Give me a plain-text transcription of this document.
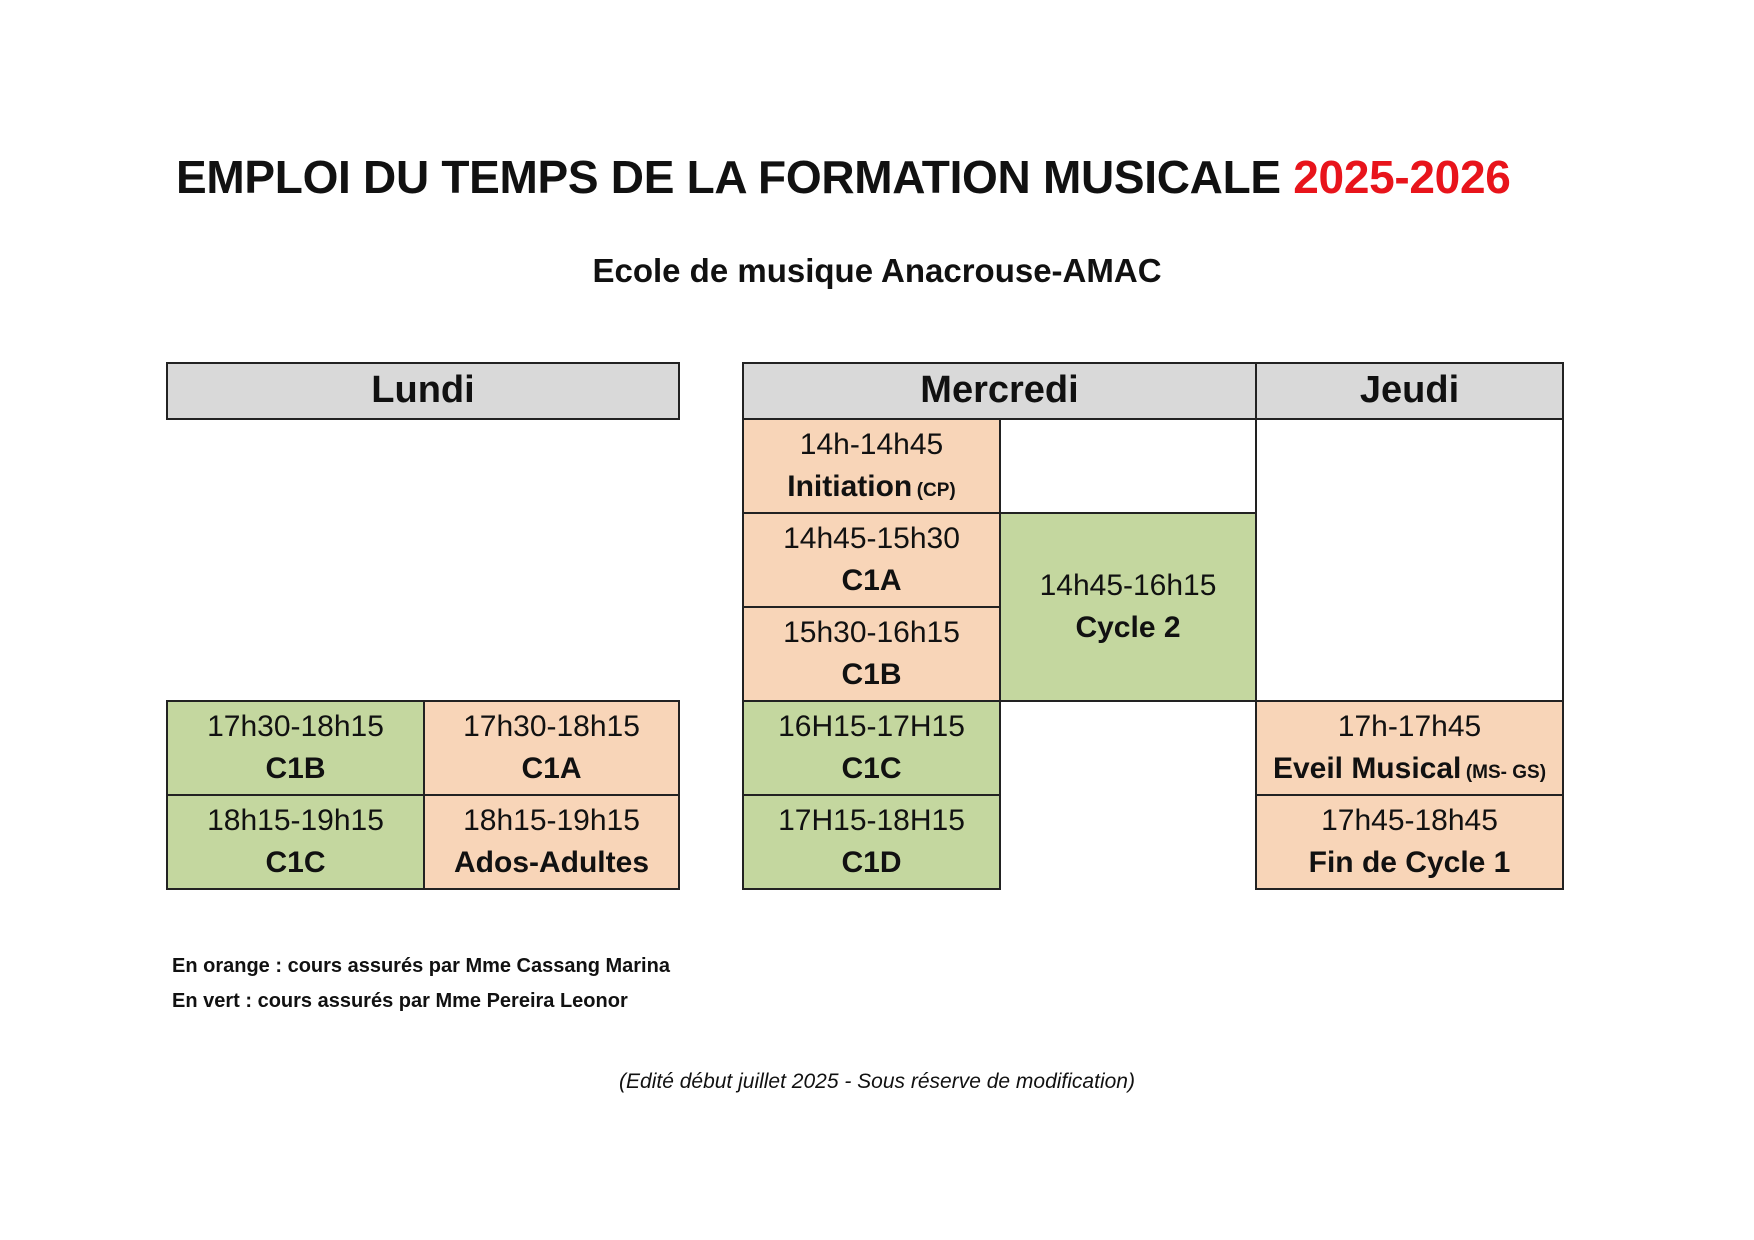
EMPLOI DU TEMPS DE LA FORMATION MUSICALE 2025-2026
Ecole de musique Anacrouse-AMAC
Lundi	Mercredi	Jeudi
14h-14h45
Initiation (CP)
14h45-15h30
C1A
15h30-16h15
C1B
14h45-16h15
Cycle 2
17h30-18h15
C1B
17h30-18h15
C1A
18h15-19h15
C1C
18h15-19h15
Ados-Adultes
16H15-17H15
C1C
17H15-18H15
C1D
17h-17h45
Eveil Musical (MS- GS)
17h45-18h45
Fin de Cycle 1
En orange : cours assurés par Mme Cassang Marina
En vert : cours assurés par Mme Pereira Leonor
(Edité début juillet 2025 - Sous réserve de modification)
